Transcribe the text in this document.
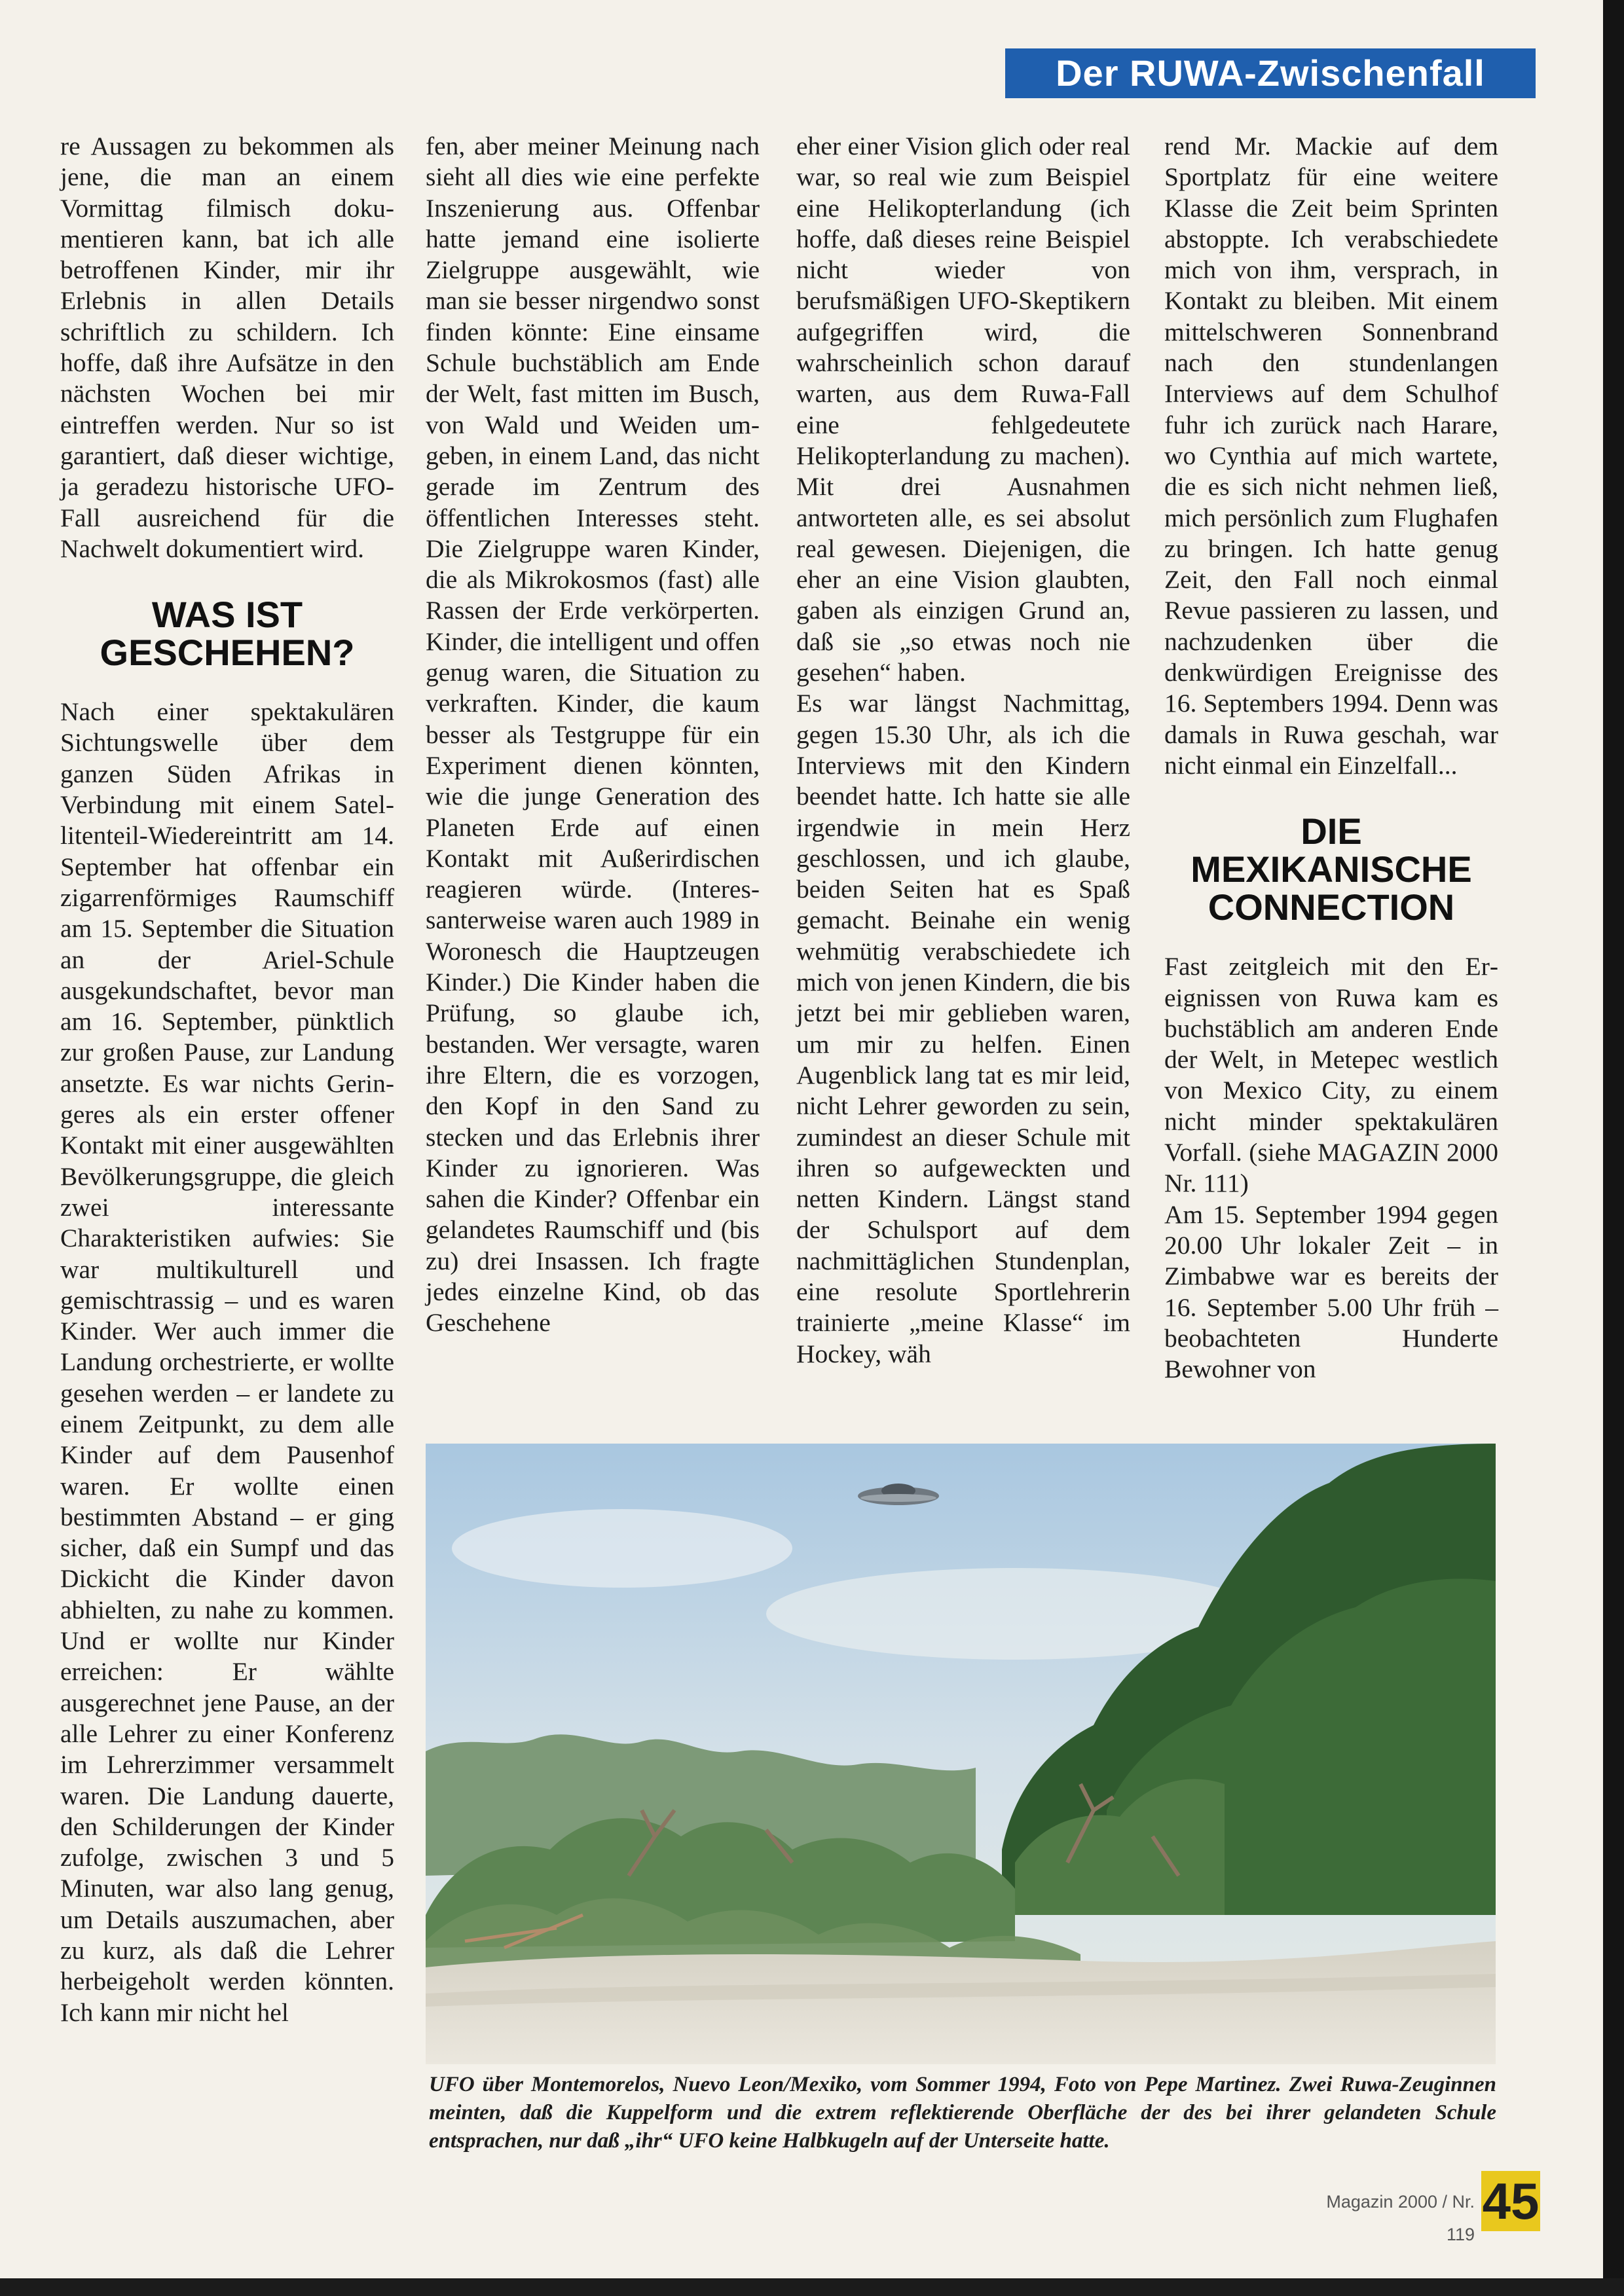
Der RUWA-Zwischenfall

re Aussagen zu bekommen als jene, die man an einem Vormittag filmisch dokumentieren kann, bat ich alle betroffenen Kinder, mir ihr Erlebnis in allen Details schriftlich zu schildern. Ich hoffe, daß ihre Aufsätze in den nächsten Wochen bei mir eintreffen werden. Nur so ist garantiert, daß dieser wichtige, ja geradezu historische UFO-Fall ausreichend für die Nachwelt dokumentiert wird.

WAS IST GESCHEHEN?

Nach einer spektakulären Sichtungswelle über dem ganzen Süden Afrikas in Verbindung mit einem Satellitenteil-Wiedereintritt am 14. September hat offenbar ein zigarrenförmiges Raumschiff am 15. September die Situation an der Ariel-Schule ausgekundschaftet, bevor man am 16. September, pünktlich zur großen Pause, zur Landung ansetzte. Es war nichts Geringeres als ein erster offener Kontakt mit einer ausgewählten Bevölkerungsgruppe, die gleich zwei interessante Charakteristiken aufwies: Sie war multikulturell und gemischtrassig – und es waren Kinder. Wer auch immer die Landung orchestrierte, er wollte gesehen werden – er landete zu einem Zeitpunkt, zu dem alle Kinder auf dem Pausenhof waren. Er wollte einen bestimmten Abstand – er ging sicher, daß ein Sumpf und das Dickicht die Kinder davon abhielten, zu nahe zu kommen. Und er wollte nur Kinder erreichen: Er wählte ausgerechnet jene Pause, an der alle Lehrer zu einer Konferenz im Lehrerzimmer versammelt waren. Die Landung dauerte, den Schilderungen der Kinder zufolge, zwischen 3 und 5 Minuten, war also lang genug, um Details auszumachen, aber zu kurz, als daß die Lehrer herbeigeholt werden könnten. Ich kann mir nicht hel

fen, aber meiner Meinung nach sieht all dies wie eine perfekte Inszenierung aus. Offenbar hatte jemand eine isolierte Zielgruppe ausgewählt, wie man sie besser nirgendwo sonst finden könnte: Eine einsame Schule buchstäblich am Ende der Welt, fast mitten im Busch, von Wald und Weiden umgeben, in einem Land, das nicht gerade im Zentrum des öffentlichen Interesses steht. Die Zielgruppe waren Kinder, die als Mikrokosmos (fast) alle Rassen der Erde verkörperten. Kinder, die intelligent und offen genug waren, die Situation zu verkraften. Kinder, die kaum besser als Testgruppe für ein Experiment dienen könnten, wie die junge Generation des Planeten Erde auf einen Kontakt mit Außerirdischen reagieren würde. (Interessanterweise waren auch 1989 in Woronesch die Hauptzeugen Kinder.) Die Kinder haben die Prüfung, so glaube ich, bestanden. Wer versagte, waren ihre Eltern, die es vorzogen, den Kopf in den Sand zu stecken und das Erlebnis ihrer Kinder zu ignorieren. Was sahen die Kinder? Offenbar ein gelandetes Raumschiff und (bis zu) drei Insassen. Ich fragte jedes einzelne Kind, ob das Geschehene

eher einer Vision glich oder real war, so real wie zum Beispiel eine Helikopterlandung (ich hoffe, daß dieses reine Beispiel nicht wieder von berufsmäßigen UFO-Skeptikern aufgegriffen wird, die wahrscheinlich schon darauf warten, aus dem Ruwa-Fall eine fehlgedeutete Helikopterlandung zu machen). Mit drei Ausnahmen antworteten alle, es sei absolut real gewesen. Diejenigen, die eher an eine Vision glaubten, gaben als einzigen Grund an, daß sie „so etwas noch nie gesehen“ haben.

Es war längst Nachmittag, gegen 15.30 Uhr, als ich die Interviews mit den Kindern beendet hatte. Ich hatte sie alle irgendwie in mein Herz geschlossen, und ich glaube, beiden Seiten hat es Spaß gemacht. Beinahe ein wenig wehmütig verabschiedete ich mich von jenen Kindern, die bis jetzt bei mir geblieben waren, um mir zu helfen. Einen Augenblick lang tat es mir leid, nicht Lehrer geworden zu sein, zumindest an dieser Schule mit ihren so aufgeweckten und netten Kindern. Längst stand der Schulsport auf dem nachmittäglichen Stundenplan, eine resolute Sportlehrerin trainierte „meine Klasse“ im Hockey, wäh

rend Mr. Mackie auf dem Sportplatz für eine weitere Klasse die Zeit beim Sprinten abstoppte. Ich verabschiedete mich von ihm, versprach, in Kontakt zu bleiben. Mit einem mittelschweren Sonnenbrand nach den stundenlangen Interviews auf dem Schulhof fuhr ich zurück nach Harare, wo Cynthia auf mich wartete, die es sich nicht nehmen ließ, mich persönlich zum Flughafen zu bringen. Ich hatte genug Zeit, den Fall noch einmal Revue passieren zu lassen, und nachzudenken über die denkwürdigen Ereignisse des 16. Septembers 1994. Denn was damals in Ruwa geschah, war nicht einmal ein Einzelfall...

DIE MEXIKANISCHE CONNECTION

Fast zeitgleich mit den Ereignissen von Ruwa kam es buchstäblich am anderen Ende der Welt, in Metepec westlich von Mexico City, zu einem nicht minder spektakulären Vorfall. (siehe MAGAZIN 2000 Nr. 111)

Am 15. September 1994 gegen 20.00 Uhr lokaler Zeit – in Zimbabwe war es bereits der 16. September 5.00 Uhr früh – beobachteten Hunderte Bewohner von

UFO über Montemorelos, Nuevo Leon/Mexiko, vom Sommer 1994, Foto von Pepe Martinez. Zwei Ruwa-Zeuginnen meinten, daß die Kuppelform und die extrem reflektierende Oberfläche der des bei ihrer gelandeten Schule entsprachen, nur daß „ihr“ UFO keine Halbkugeln auf der Unterseite hatte.
Magazin 2000 / Nr. 119
45
